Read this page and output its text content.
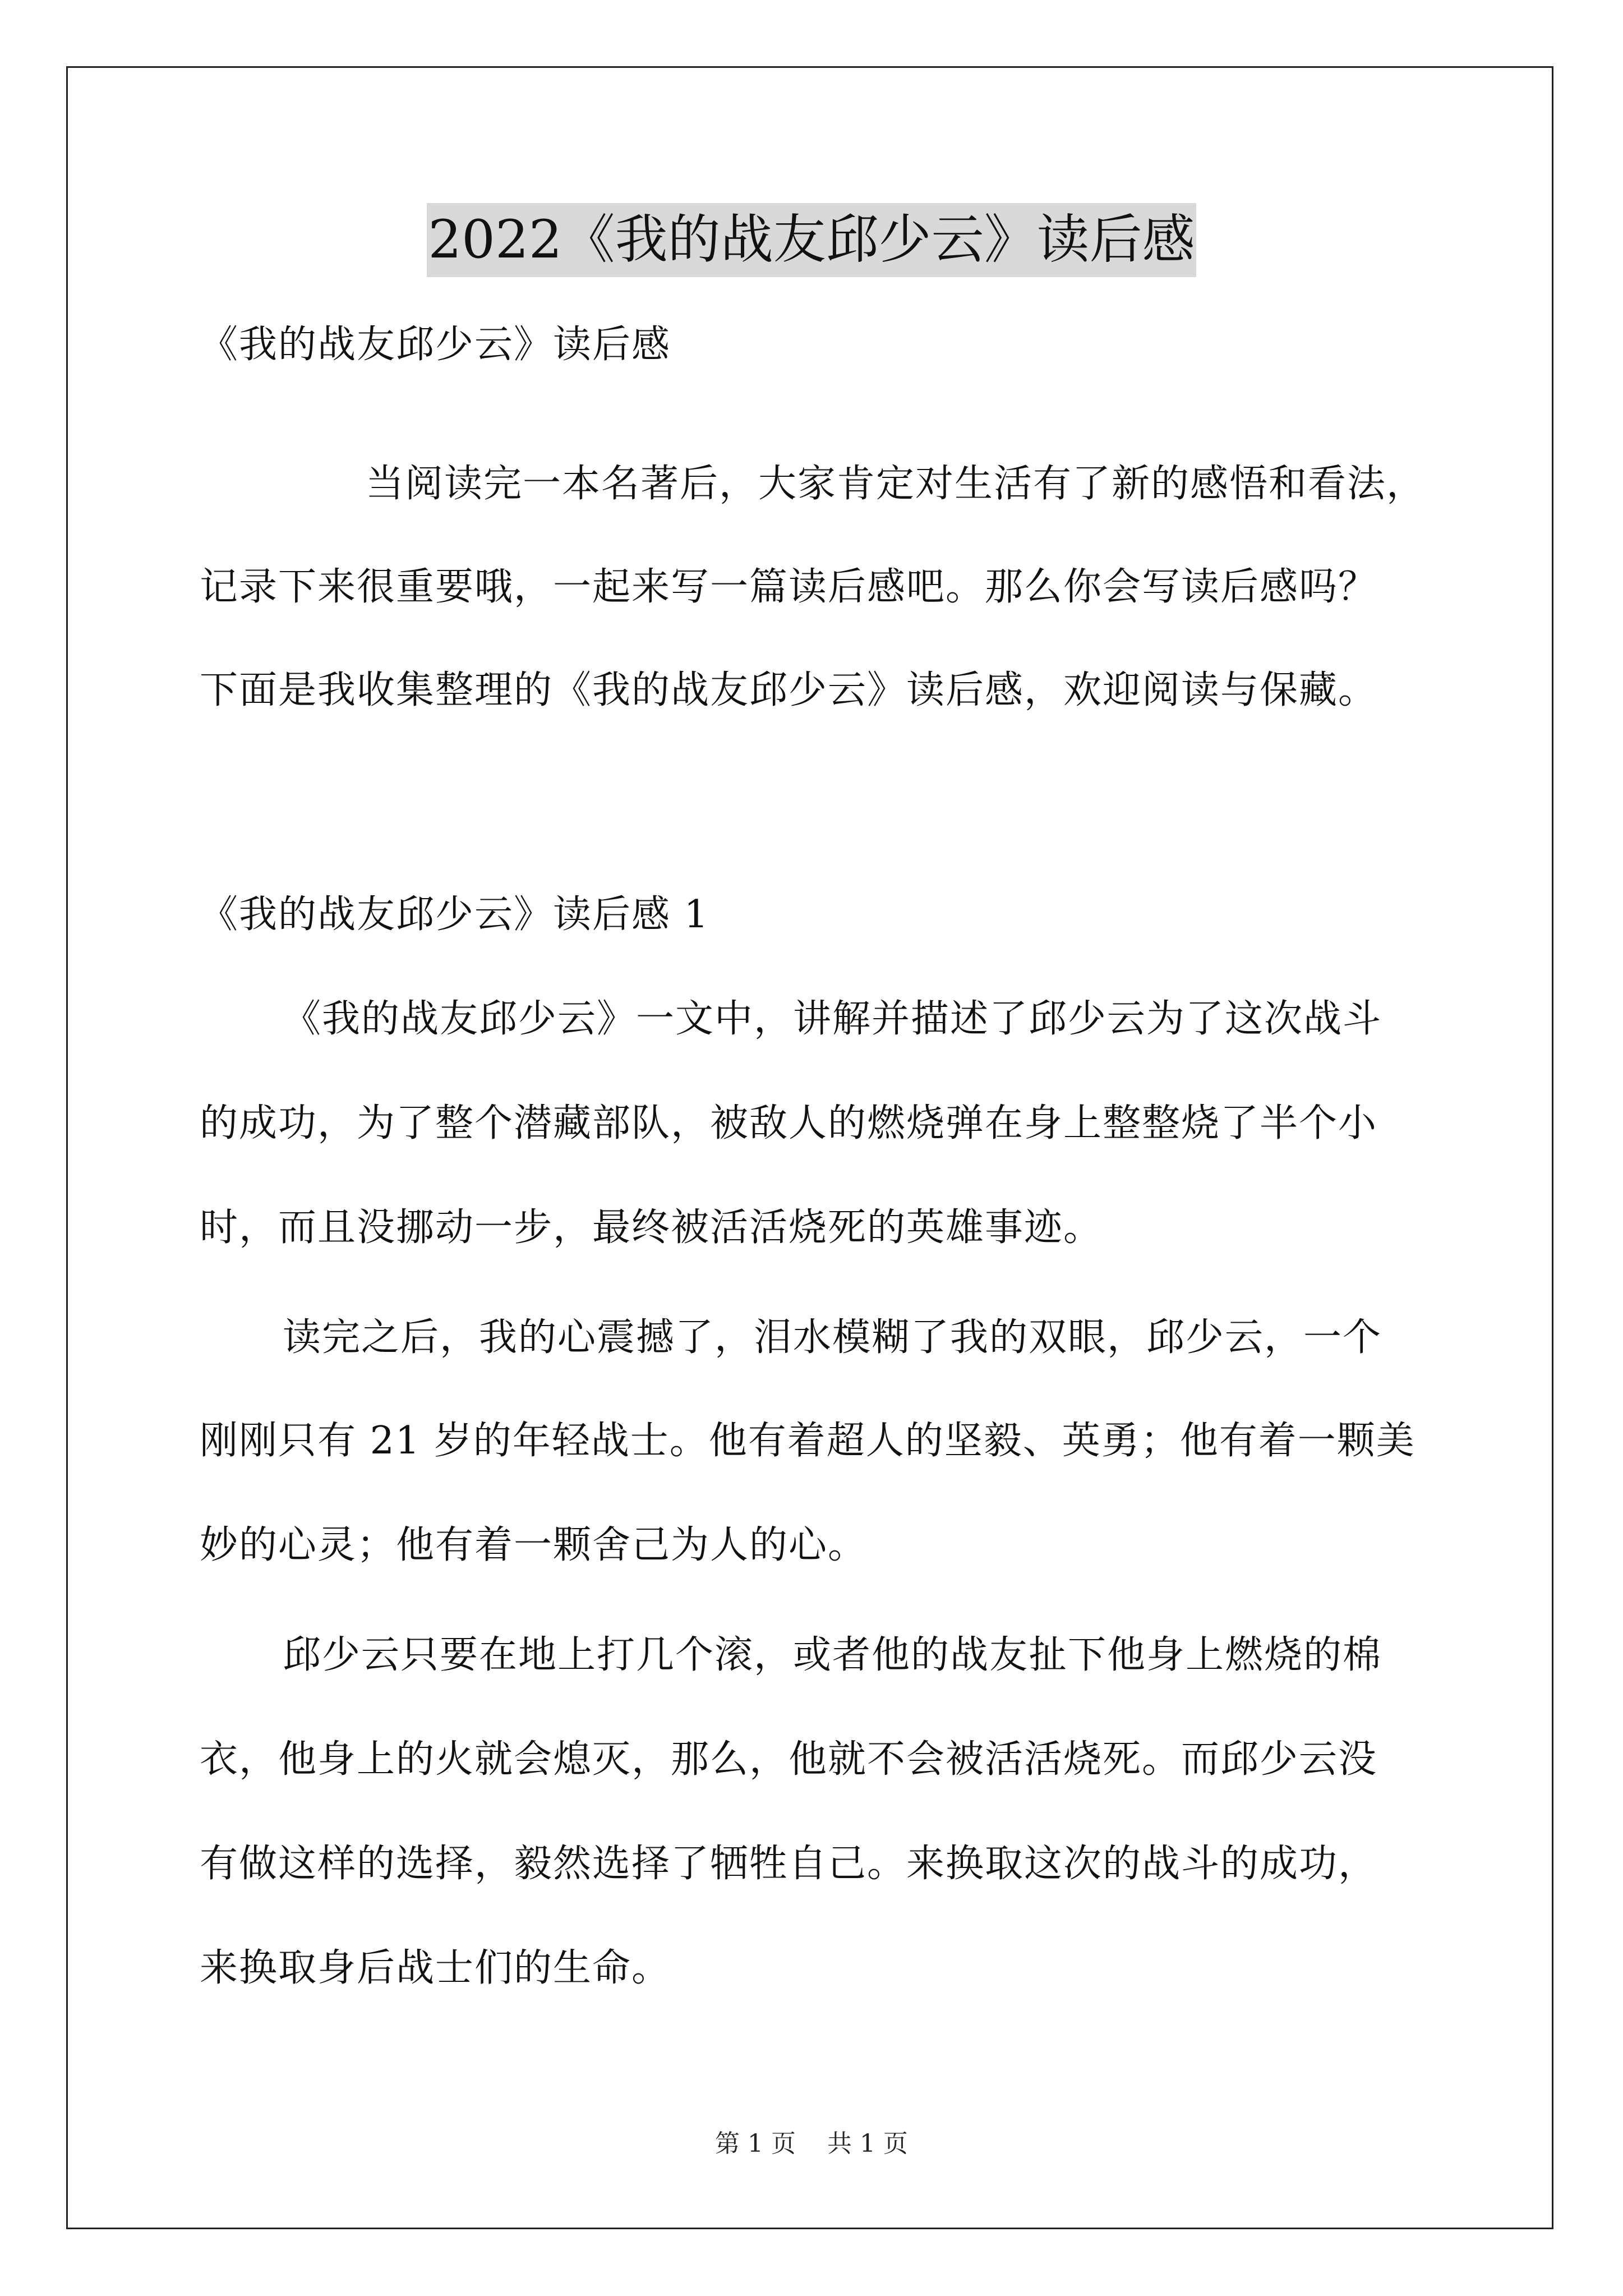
2022《我的战友邱少云》读后感
《我的战友邱少云》读后感
当阅读完一本名著后，大家肯定对生活有了新的感悟和看法，
记录下来很重要哦，一起来写一篇读后感吧。那么你会写读后感吗？
下面是我收集整理的《我的战友邱少云》读后感，欢迎阅读与保藏。
《我的战友邱少云》读后感 1
《我的战友邱少云》一文中，讲解并描述了邱少云为了这次战斗
的成功，为了整个潜藏部队，被敌人的燃烧弹在身上整整烧了半个小
时，而且没挪动一步，最终被活活烧死的英雄事迹。
读完之后，我的心震撼了，泪水模糊了我的双眼，邱少云，一个
刚刚只有 21 岁的年轻战士。他有着超人的坚毅、英勇；他有着一颗美
妙的心灵；他有着一颗舍己为人的心。
邱少云只要在地上打几个滚，或者他的战友扯下他身上燃烧的棉
衣，他身上的火就会熄灭，那么，他就不会被活活烧死。而邱少云没
有做这样的选择，毅然选择了牺牲自己。来换取这次的战斗的成功，
来换取身后战士们的生命。
第 1 页    共 1 页
